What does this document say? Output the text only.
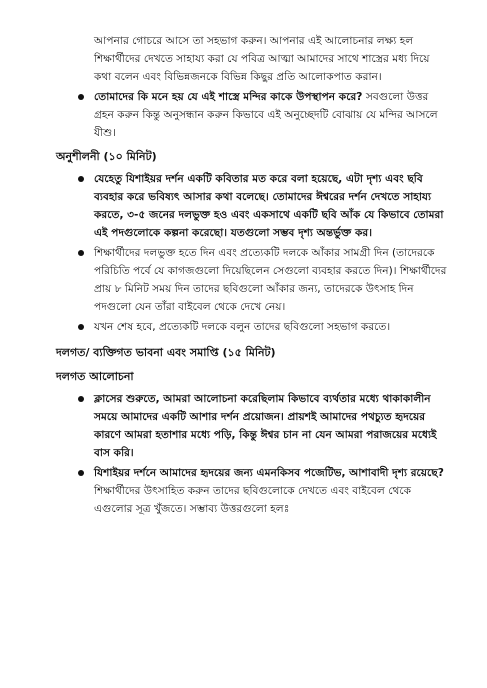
আপনার গোচরে আসে তা সহভাগ করুন। আপনার এই আলোচনার লক্ষ্য হল শিক্ষার্থীদের দেখতে সাহায্য করা যে পবিত্র আত্মা আমাদের সাথে শাস্ত্রের মধ্য দিয়ে কথা বলেন এবং বিভিন্নজনকে বিভিন্ন কিছুর প্রতি আলোকপাত করান।

তোমাদের কি মনে হয় যে এই শাস্ত্রে মন্দির কাকে উপস্থাপন করে? সবগুলো উত্তর গ্রহন করুন কিন্তু অনুসন্ধান করুন কিভাবে এই অনুচ্ছেদটি বোঝায় যে মন্দির আসলে যীশু।
অনুশীলনী (১০ মিনিট)
যেহেতু যিশাইয়র দর্শন একটি কবিতার মত করে বলা হয়েছে, এটা দৃশ্য এবং ছবি ব্যবহার করে ভবিষ্যৎ আসার কথা বলেছে। তোমাদের ঈশ্বরের দর্শন দেখতে সাহায্য করতে, ৩-৫ জনের দলভুক্ত হও এবং একসাথে একটি ছবি আঁক যে কিভাবে তোমরা এই পদগুলোকে কল্পনা করেছো। যতগুলো সম্ভব দৃশ্য অন্তর্ভুক্ত কর।
শিক্ষার্থীদের দলভুক্ত হতে দিন এবং প্রত্যেকটি দলকে আঁকার সামগ্রী দিন (তাদেরকে পরিচিতি পর্বে যে কাগজগুলো দিয়েছিলেন সেগুলো ব্যবহার করতে দিন)। শিক্ষার্থীদের প্রায় ৮ মিনিট সময় দিন তাদের ছবিগুলো আঁকার জন্য, তাদেরকে উৎসাহ দিন পদগুলো যেন তাঁরা বাইবেল থেকে দেখে নেয়।
যখন শেষ হবে, প্রত্যেকটি দলকে বলুন তাদের ছবিগুলো সহভাগ করতে।
দলগত/ ব্যক্তিগত ভাবনা এবং সমাপ্তি (১৫ মিনিট)
দলগত আলোচনা
ক্লাসের শুরুতে, আমরা আলোচনা করেছিলাম কিভাবে ব্যর্থতার মধ্যে থাকাকালীন সময়ে আমাদের একটি আশার দর্শন প্রয়োজন। প্রায়শই আমাদের পথচ্যুত হৃদয়ের কারণে আমরা হতাশার মধ্যে পড়ি, কিন্তু ঈশ্বর চান না যেন আমরা পরাজয়ের মধ্যেই বাস করি।
যিশাইয়র দর্শনে আমাদের হৃদয়ের জন্য এমনকিসব পজেটিভ, আশাবাদী দৃশ্য রয়েছে? শিক্ষার্থীদের উৎসাহিত করুন তাদের ছবিগুলোকে দেখতে এবং বাইবেল থেকে এগুলোর সূত্র খুঁজতে। সম্ভাব্য উত্তরগুলো হলঃ
